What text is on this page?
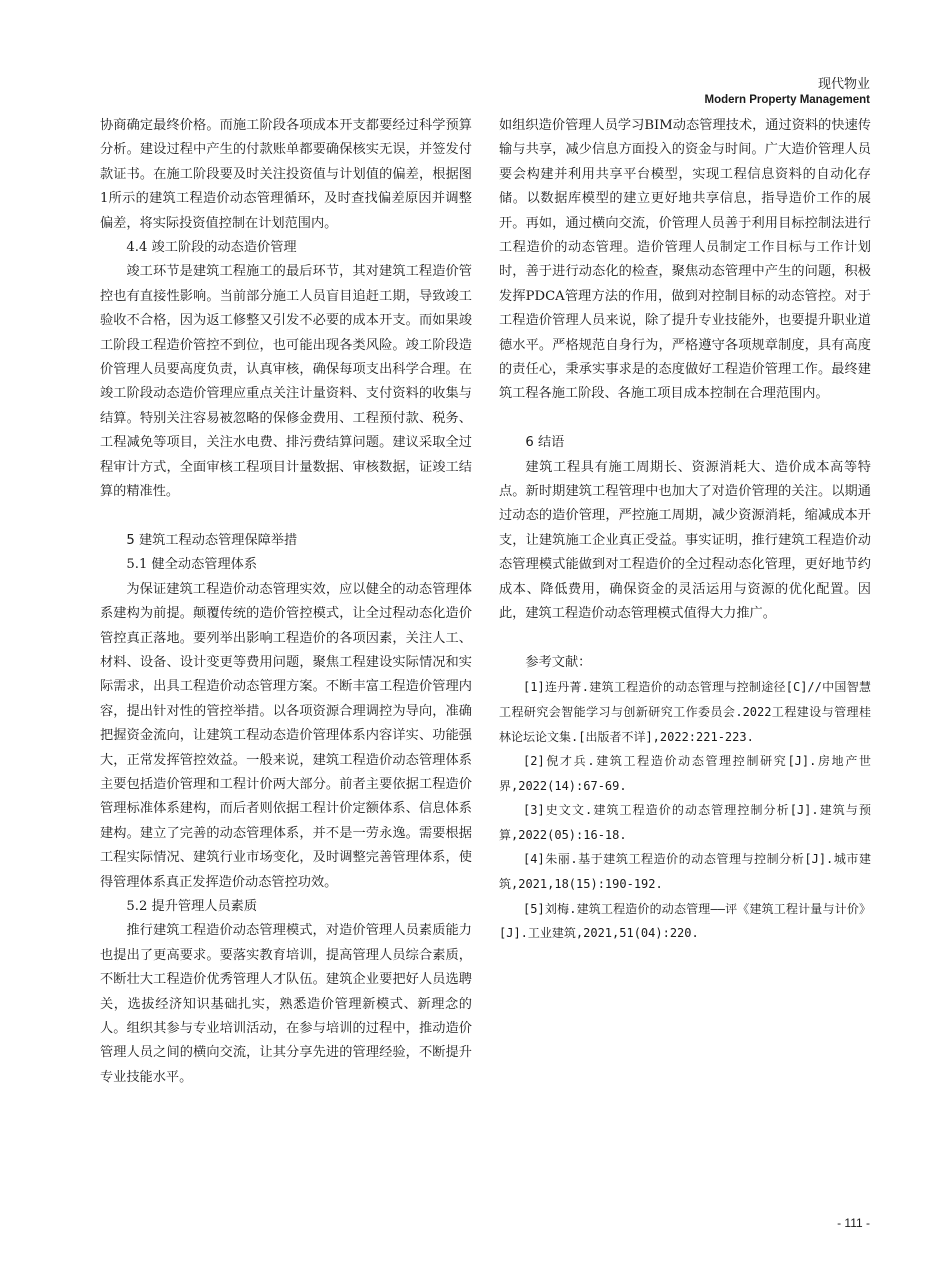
现代物业
Modern Property Management

协商确定最终价格。而施工阶段各项成本开支都要经过科学预算分析。建设过程中产生的付款账单都要确保核实无误，并签发付款证书。在施工阶段要及时关注投资值与计划值的偏差，根据图1所示的建筑工程造价动态管理循环，及时查找偏差原因并调整偏差，将实际投资值控制在计划范围内。

4.4 竣工阶段的动态造价管理

竣工环节是建筑工程施工的最后环节，其对建筑工程造价管控也有直接性影响。当前部分施工人员盲目追赶工期，导致竣工验收不合格，因为返工修整又引发不必要的成本开支。而如果竣工阶段工程造价管控不到位，也可能出现各类风险。竣工阶段造价管理人员要高度负责，认真审核，确保每项支出科学合理。在竣工阶段动态造价管理应重点关注计量资料、支付资料的收集与结算。特别关注容易被忽略的保修金费用、工程预付款、税务、工程减免等项目，关注水电费、排污费结算问题。建议采取全过程审计方式，全面审核工程项目计量数据、审核数据，证竣工结算的精准性。

5 建筑工程动态管理保障举措

5.1 健全动态管理体系

为保证建筑工程造价动态管理实效，应以健全的动态管理体系建构为前提。颠覆传统的造价管控模式，让全过程动态化造价管控真正落地。要列举出影响工程造价的各项因素，关注人工、材料、设备、设计变更等费用问题，聚焦工程建设实际情况和实际需求，出具工程造价动态管理方案。不断丰富工程造价管理内容，提出针对性的管控举措。以各项资源合理调控为导向，准确把握资金流向，让建筑工程动态造价管理体系内容详实、功能强大，正常发挥管控效益。一般来说，建筑工程造价动态管理体系主要包括造价管理和工程计价两大部分。前者主要依据工程造价管理标准体系建构，而后者则依据工程计价定额体系、信息体系建构。建立了完善的动态管理体系，并不是一劳永逸。需要根据工程实际情况、建筑行业市场变化，及时调整完善管理体系，使得管理体系真正发挥造价动态管控功效。

5.2 提升管理人员素质

推行建筑工程造价动态管理模式，对造价管理人员素质能力也提出了更高要求。要落实教育培训，提高管理人员综合素质，不断壮大工程造价优秀管理人才队伍。建筑企业要把好人员选聘关，选拔经济知识基础扎实，熟悉造价管理新模式、新理念的人。组织其参与专业培训活动，在参与培训的过程中，推动造价管理人员之间的横向交流，让其分享先进的管理经验，不断提升专业技能水平。

如组织造价管理人员学习BIM动态管理技术，通过资料的快速传输与共享，减少信息方面投入的资金与时间。广大造价管理人员要会构建并利用共享平台模型，实现工程信息资料的自动化存储。以数据库模型的建立更好地共享信息，指导造价工作的展开。再如，通过横向交流，价管理人员善于利用目标控制法进行工程造价的动态管理。造价管理人员制定工作目标与工作计划时，善于进行动态化的检查，聚焦动态管理中产生的问题，积极发挥PDCA管理方法的作用，做到对控制目标的动态管控。对于工程造价管理人员来说，除了提升专业技能外，也要提升职业道德水平。严格规范自身行为，严格遵守各项规章制度，具有高度的责任心，秉承实事求是的态度做好工程造价管理工作。最终建筑工程各施工阶段、各施工项目成本控制在合理范围内。

6 结语

建筑工程具有施工周期长、资源消耗大、造价成本高等特点。新时期建筑工程管理中也加大了对造价管理的关注。以期通过动态的造价管理，严控施工周期，减少资源消耗，缩减成本开支，让建筑施工企业真正受益。事实证明，推行建筑工程造价动态管理模式能做到对工程造价的全过程动态化管理，更好地节约成本、降低费用，确保资金的灵活运用与资源的优化配置。因此，建筑工程造价动态管理模式值得大力推广。

参考文献：

[1]连丹菁.建筑工程造价的动态管理与控制途径[C]//中国智慧工程研究会智能学习与创新研究工作委员会.2022工程建设与管理桂林论坛论文集.[出版者不详],2022:221-223.

[2]倪才兵.建筑工程造价动态管理控制研究[J].房地产世界,2022(14):67-69.

[3]史文文.建筑工程造价的动态管理控制分析[J].建筑与预算,2022(05):16-18.

[4]朱丽.基于建筑工程造价的动态管理与控制分析[J].城市建筑,2021,18(15):190-192.

[5]刘梅.建筑工程造价的动态管理——评《建筑工程计量与计价》[J].工业建筑,2021,51(04):220.

- 111 -
